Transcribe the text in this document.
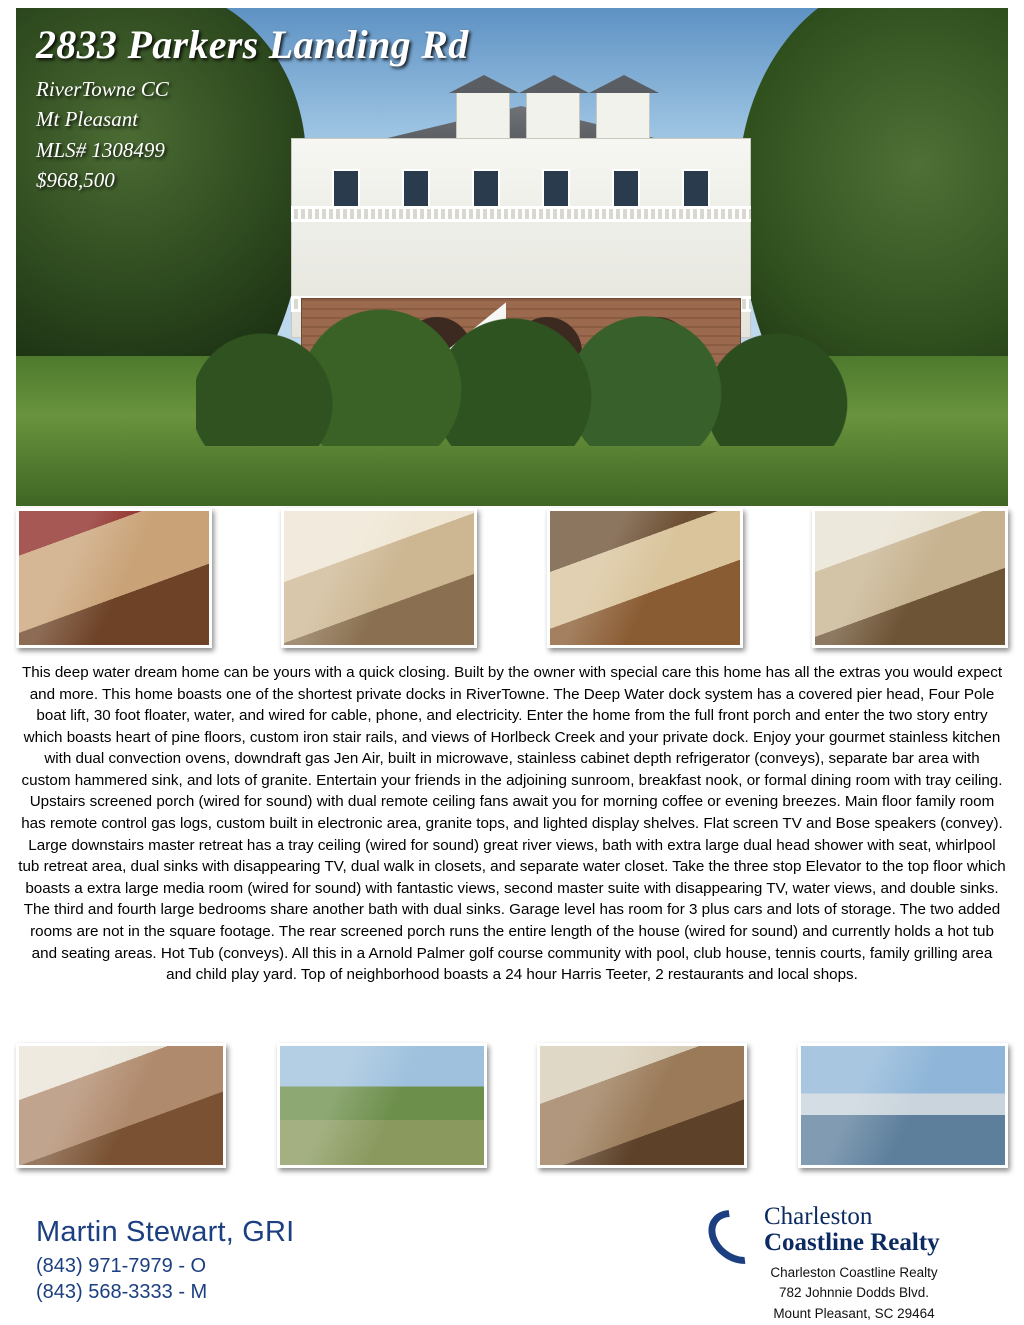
2833 Parkers Landing Rd
RiverTowne CC
Mt Pleasant
MLS# 1308499
$968,500
This deep water dream home can be yours with a quick closing. Built by the owner with special care this home has all the extras you would expect and more. This home boasts one of the shortest private docks in RiverTowne. The Deep Water dock system has a covered pier head, Four Pole boat lift, 30 foot floater, water, and wired for cable, phone, and electricity. Enter the home from the full front porch and enter the two story entry which boasts heart of pine floors, custom iron stair rails, and views of Horlbeck Creek and your private dock. Enjoy your gourmet stainless kitchen with dual convection ovens, downdraft gas Jen Air, built in microwave, stainless cabinet depth refrigerator (conveys), separate bar area with custom hammered sink, and lots of granite. Entertain your friends in the adjoining sunroom, breakfast nook, or formal dining room with tray ceiling. Upstairs screened porch (wired for sound) with dual remote ceiling fans await you for morning coffee or evening breezes. Main floor family room has remote control gas logs, custom built in electronic area, granite tops, and lighted display shelves. Flat screen TV and Bose speakers (convey). Large downstairs master retreat has a tray ceiling (wired for sound) great river views, bath with extra large dual head shower with seat, whirlpool tub retreat area, dual sinks with disappearing TV, dual walk in closets, and separate water closet. Take the three stop Elevator to the top floor which boasts a extra large media room (wired for sound) with fantastic views, second master suite with disappearing TV, water views, and double sinks. The third and fourth large bedrooms share another bath with dual sinks. Garage level has room for 3 plus cars and lots of storage. The two added rooms are not in the square footage. The rear screened porch runs the entire length of the house (wired for sound) and currently holds a hot tub and seating areas. Hot Tub (conveys). All this in a Arnold Palmer golf course community with pool, club house, tennis courts, family grilling area and child play yard. Top of neighborhood boasts a 24 hour Harris Teeter, 2 restaurants and local shops.
Martin Stewart, GRI
(843) 971-7979 - O
(843) 568-3333 - M
Charleston
Coastline Realty
Charleston Coastline Realty
782 Johnnie Dodds Blvd.
Mount Pleasant, SC 29464
